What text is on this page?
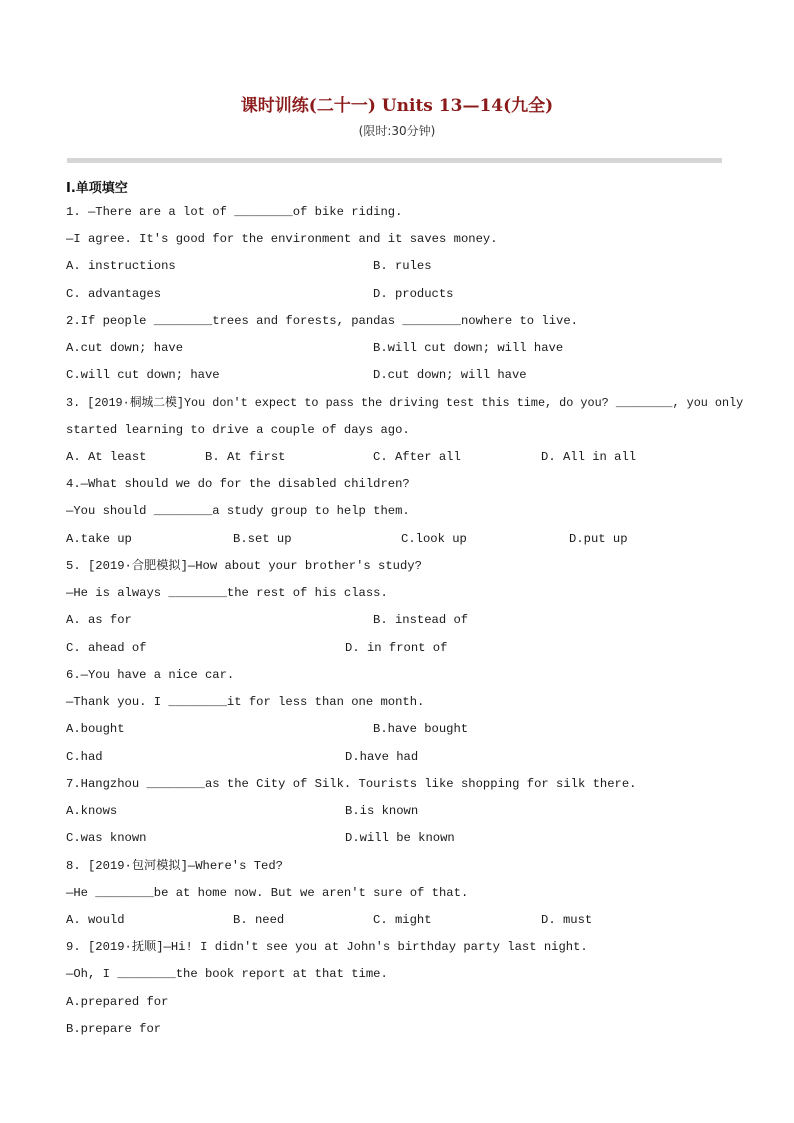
课时训练(二十一) Units 13—14(九全)
(限时:30分钟)
Ⅰ.单项填空
1. —There are a lot of ________of bike riding.
—I agree. It's good for the environment and it saves money.
A. instructions	B. rules
C. advantages	D. products
2.If people ________trees and forests, pandas ________nowhere to live.
A.cut down; have	B.will cut down; will have
C.will cut down; have	D.cut down; will have
3. [2019·桐城二模]You don't expect to pass the driving test this time, do you? ________, you only
started learning to drive a couple of days ago.
A. At least	B. At first	C. After all	D. All in all
4.—What should we do for the disabled children?
—You should ________a study group to help them.
A.take up	B.set up	C.look up	D.put up
5. [2019·合肥模拟]—How about your brother's study?
—He is always ________the rest of his class.
A. as for	B. instead of
C. ahead of	D. in front of
6.—You have a nice car.
—Thank you. I ________it for less than one month.
A.bought	B.have bought
C.had	D.have had
7.Hangzhou ________as the City of Silk. Tourists like shopping for silk there.
A.knows	B.is known
C.was known	D.will be known
8. [2019·包河模拟]—Where's Ted?
—He ________be at home now. But we aren't sure of that.
A. would	B. need	C. might	D. must
9. [2019·抚顺]—Hi! I didn't see you at John's birthday party last night.
—Oh, I ________the book report at that time.
A.prepared for
B.prepare for
